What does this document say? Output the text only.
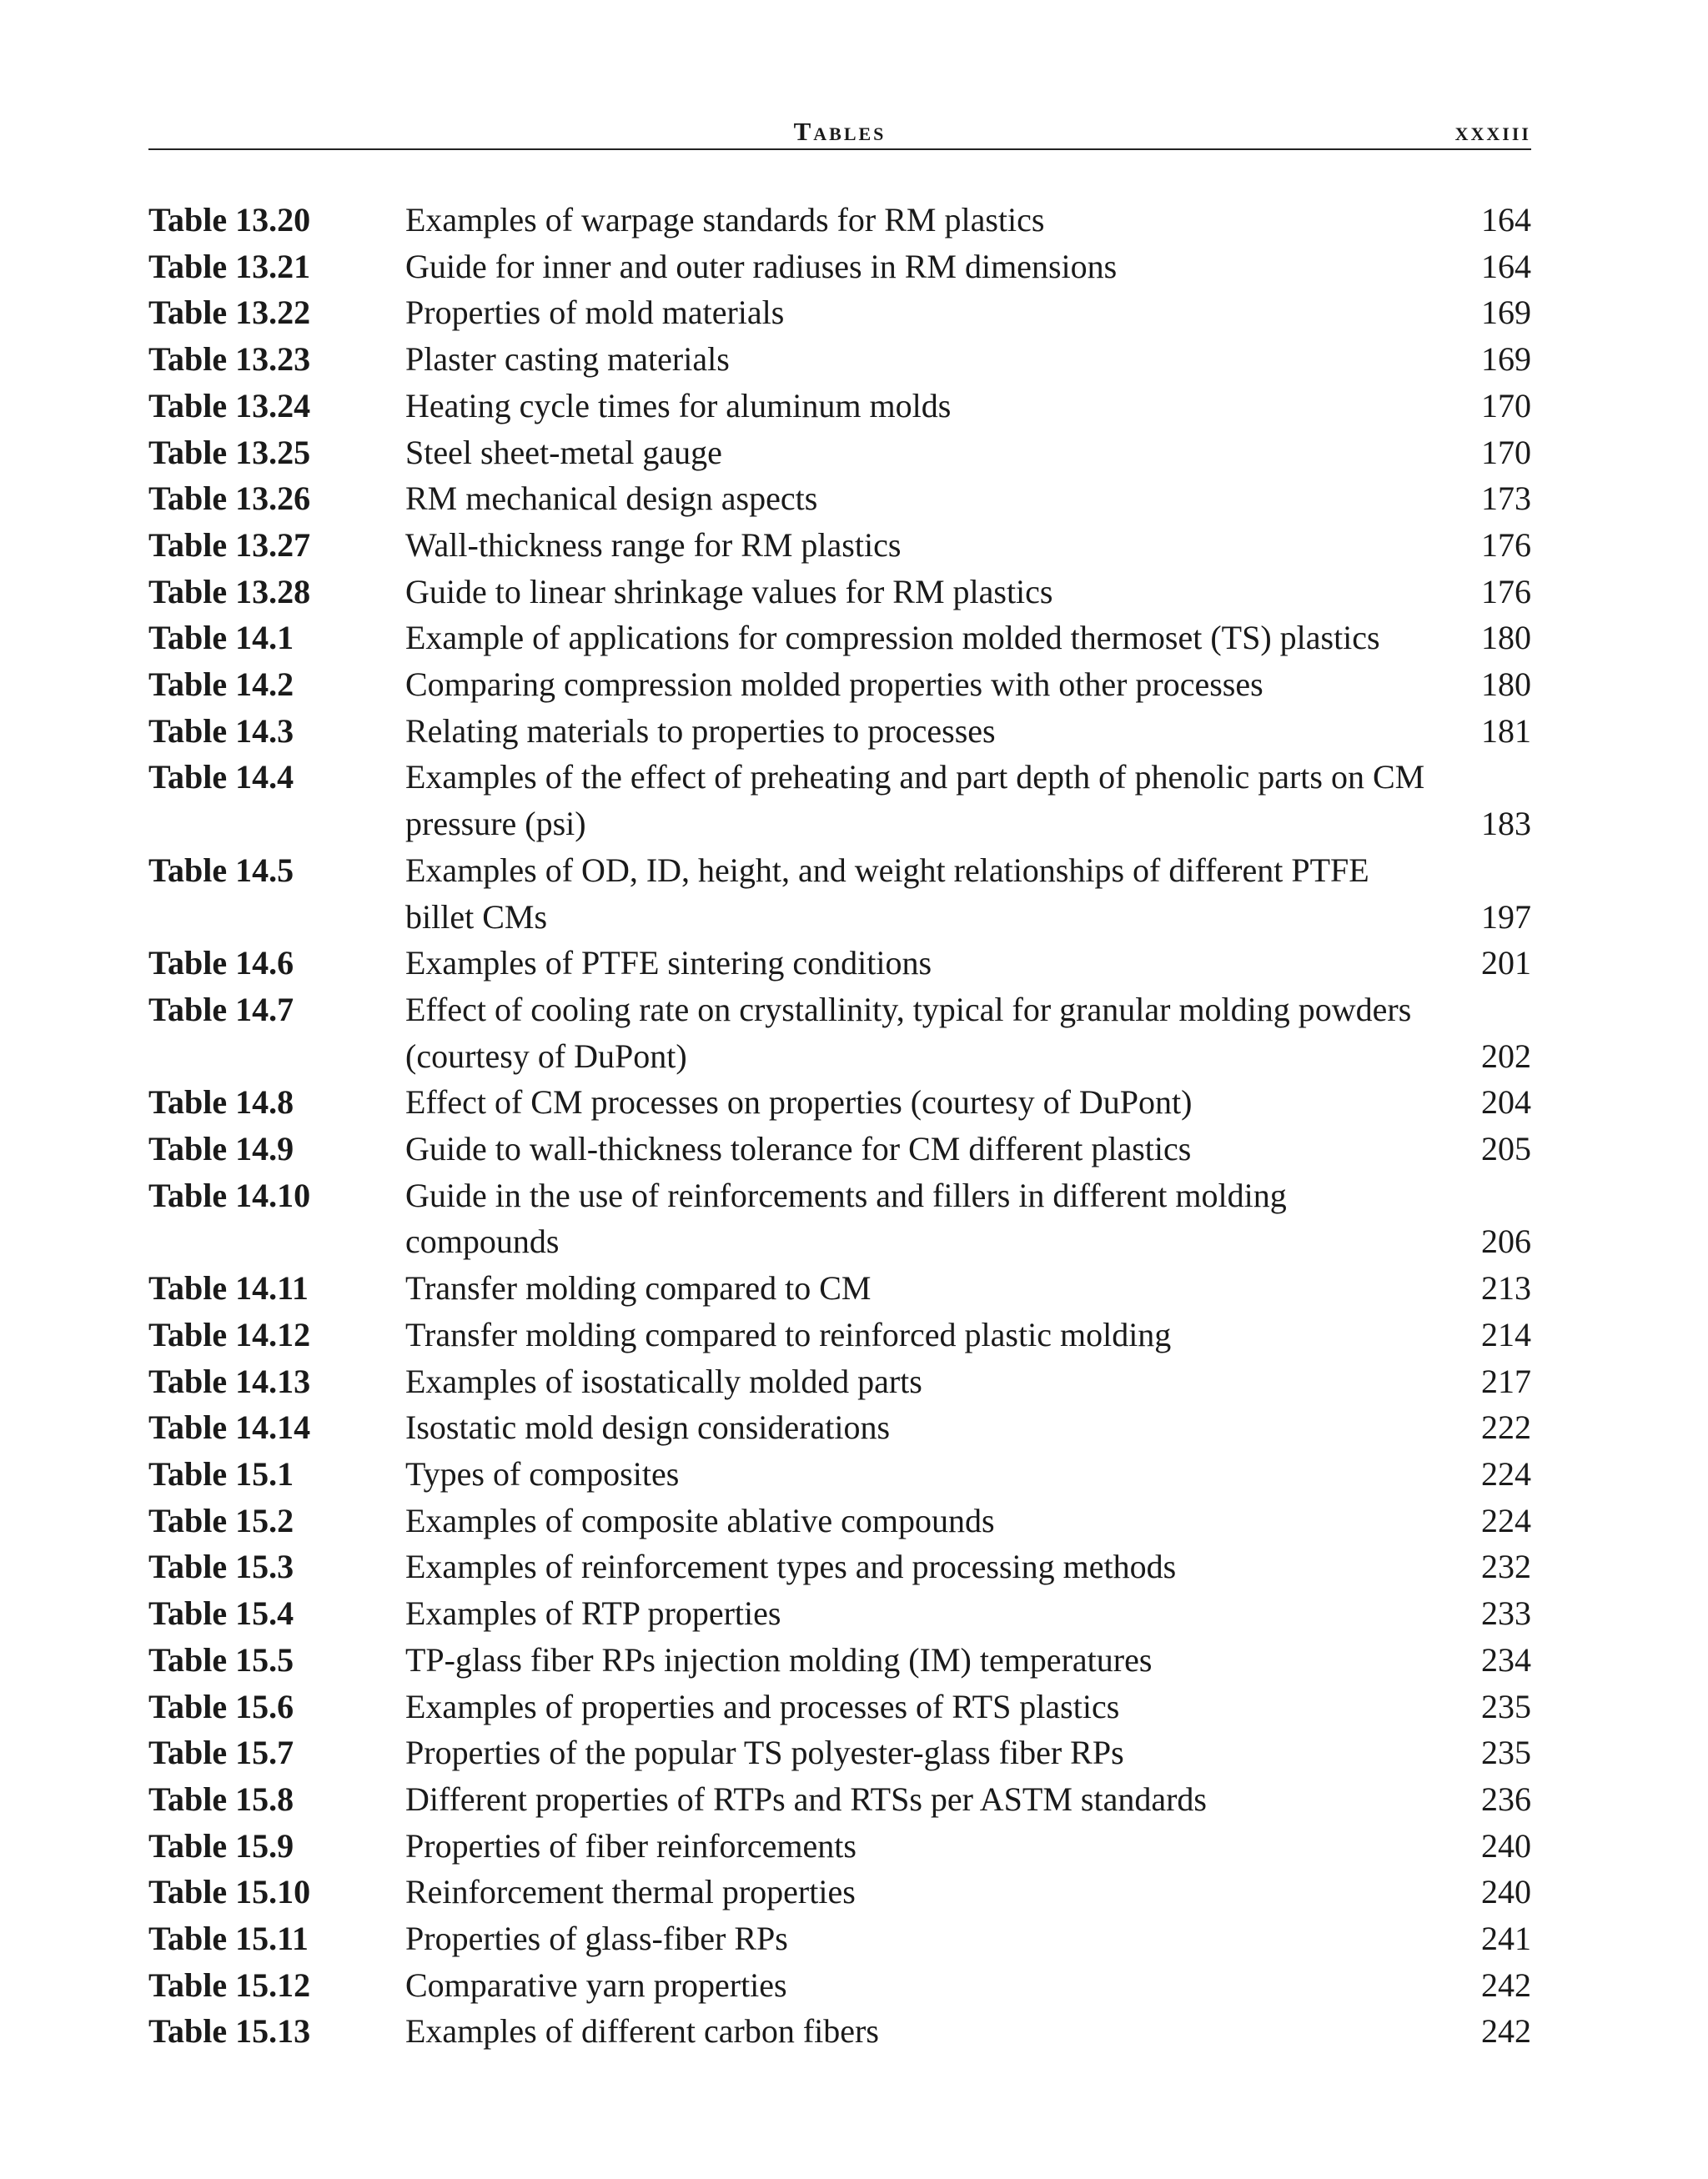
Tables	xxxiii
Table 13.20	Examples of warpage standards for RM plastics	164
Table 13.21	Guide for inner and outer radiuses in RM dimensions	164
Table 13.22	Properties of mold materials	169
Table 13.23	Plaster casting materials	169
Table 13.24	Heating cycle times for aluminum molds	170
Table 13.25	Steel sheet-metal gauge	170
Table 13.26	RM mechanical design aspects	173
Table 13.27	Wall-thickness range for RM plastics	176
Table 13.28	Guide to linear shrinkage values for RM plastics	176
Table 14.1	Example of applications for compression molded thermoset (TS) plastics	180
Table 14.2	Comparing compression molded properties with other processes	180
Table 14.3	Relating materials to properties to processes	181
Table 14.4	Examples of the effect of preheating and part depth of phenolic parts on CM pressure (psi)	183
Table 14.5	Examples of OD, ID, height, and weight relationships of different PTFE billet CMs	197
Table 14.6	Examples of PTFE sintering conditions	201
Table 14.7	Effect of cooling rate on crystallinity, typical for granular molding powders (courtesy of DuPont)	202
Table 14.8	Effect of CM processes on properties (courtesy of DuPont)	204
Table 14.9	Guide to wall-thickness tolerance for CM different plastics	205
Table 14.10	Guide in the use of reinforcements and fillers in different molding compounds	206
Table 14.11	Transfer molding compared to CM	213
Table 14.12	Transfer molding compared to reinforced plastic molding	214
Table 14.13	Examples of isostatically molded parts	217
Table 14.14	Isostatic mold design considerations	222
Table 15.1	Types of composites	224
Table 15.2	Examples of composite ablative compounds	224
Table 15.3	Examples of reinforcement types and processing methods	232
Table 15.4	Examples of RTP properties	233
Table 15.5	TP-glass fiber RPs injection molding (IM) temperatures	234
Table 15.6	Examples of properties and processes of RTS plastics	235
Table 15.7	Properties of the popular TS polyester-glass fiber RPs	235
Table 15.8	Different properties of RTPs and RTSs per ASTM standards	236
Table 15.9	Properties of fiber reinforcements	240
Table 15.10	Reinforcement thermal properties	240
Table 15.11	Properties of glass-fiber RPs	241
Table 15.12	Comparative yarn properties	242
Table 15.13	Examples of different carbon fibers	242
